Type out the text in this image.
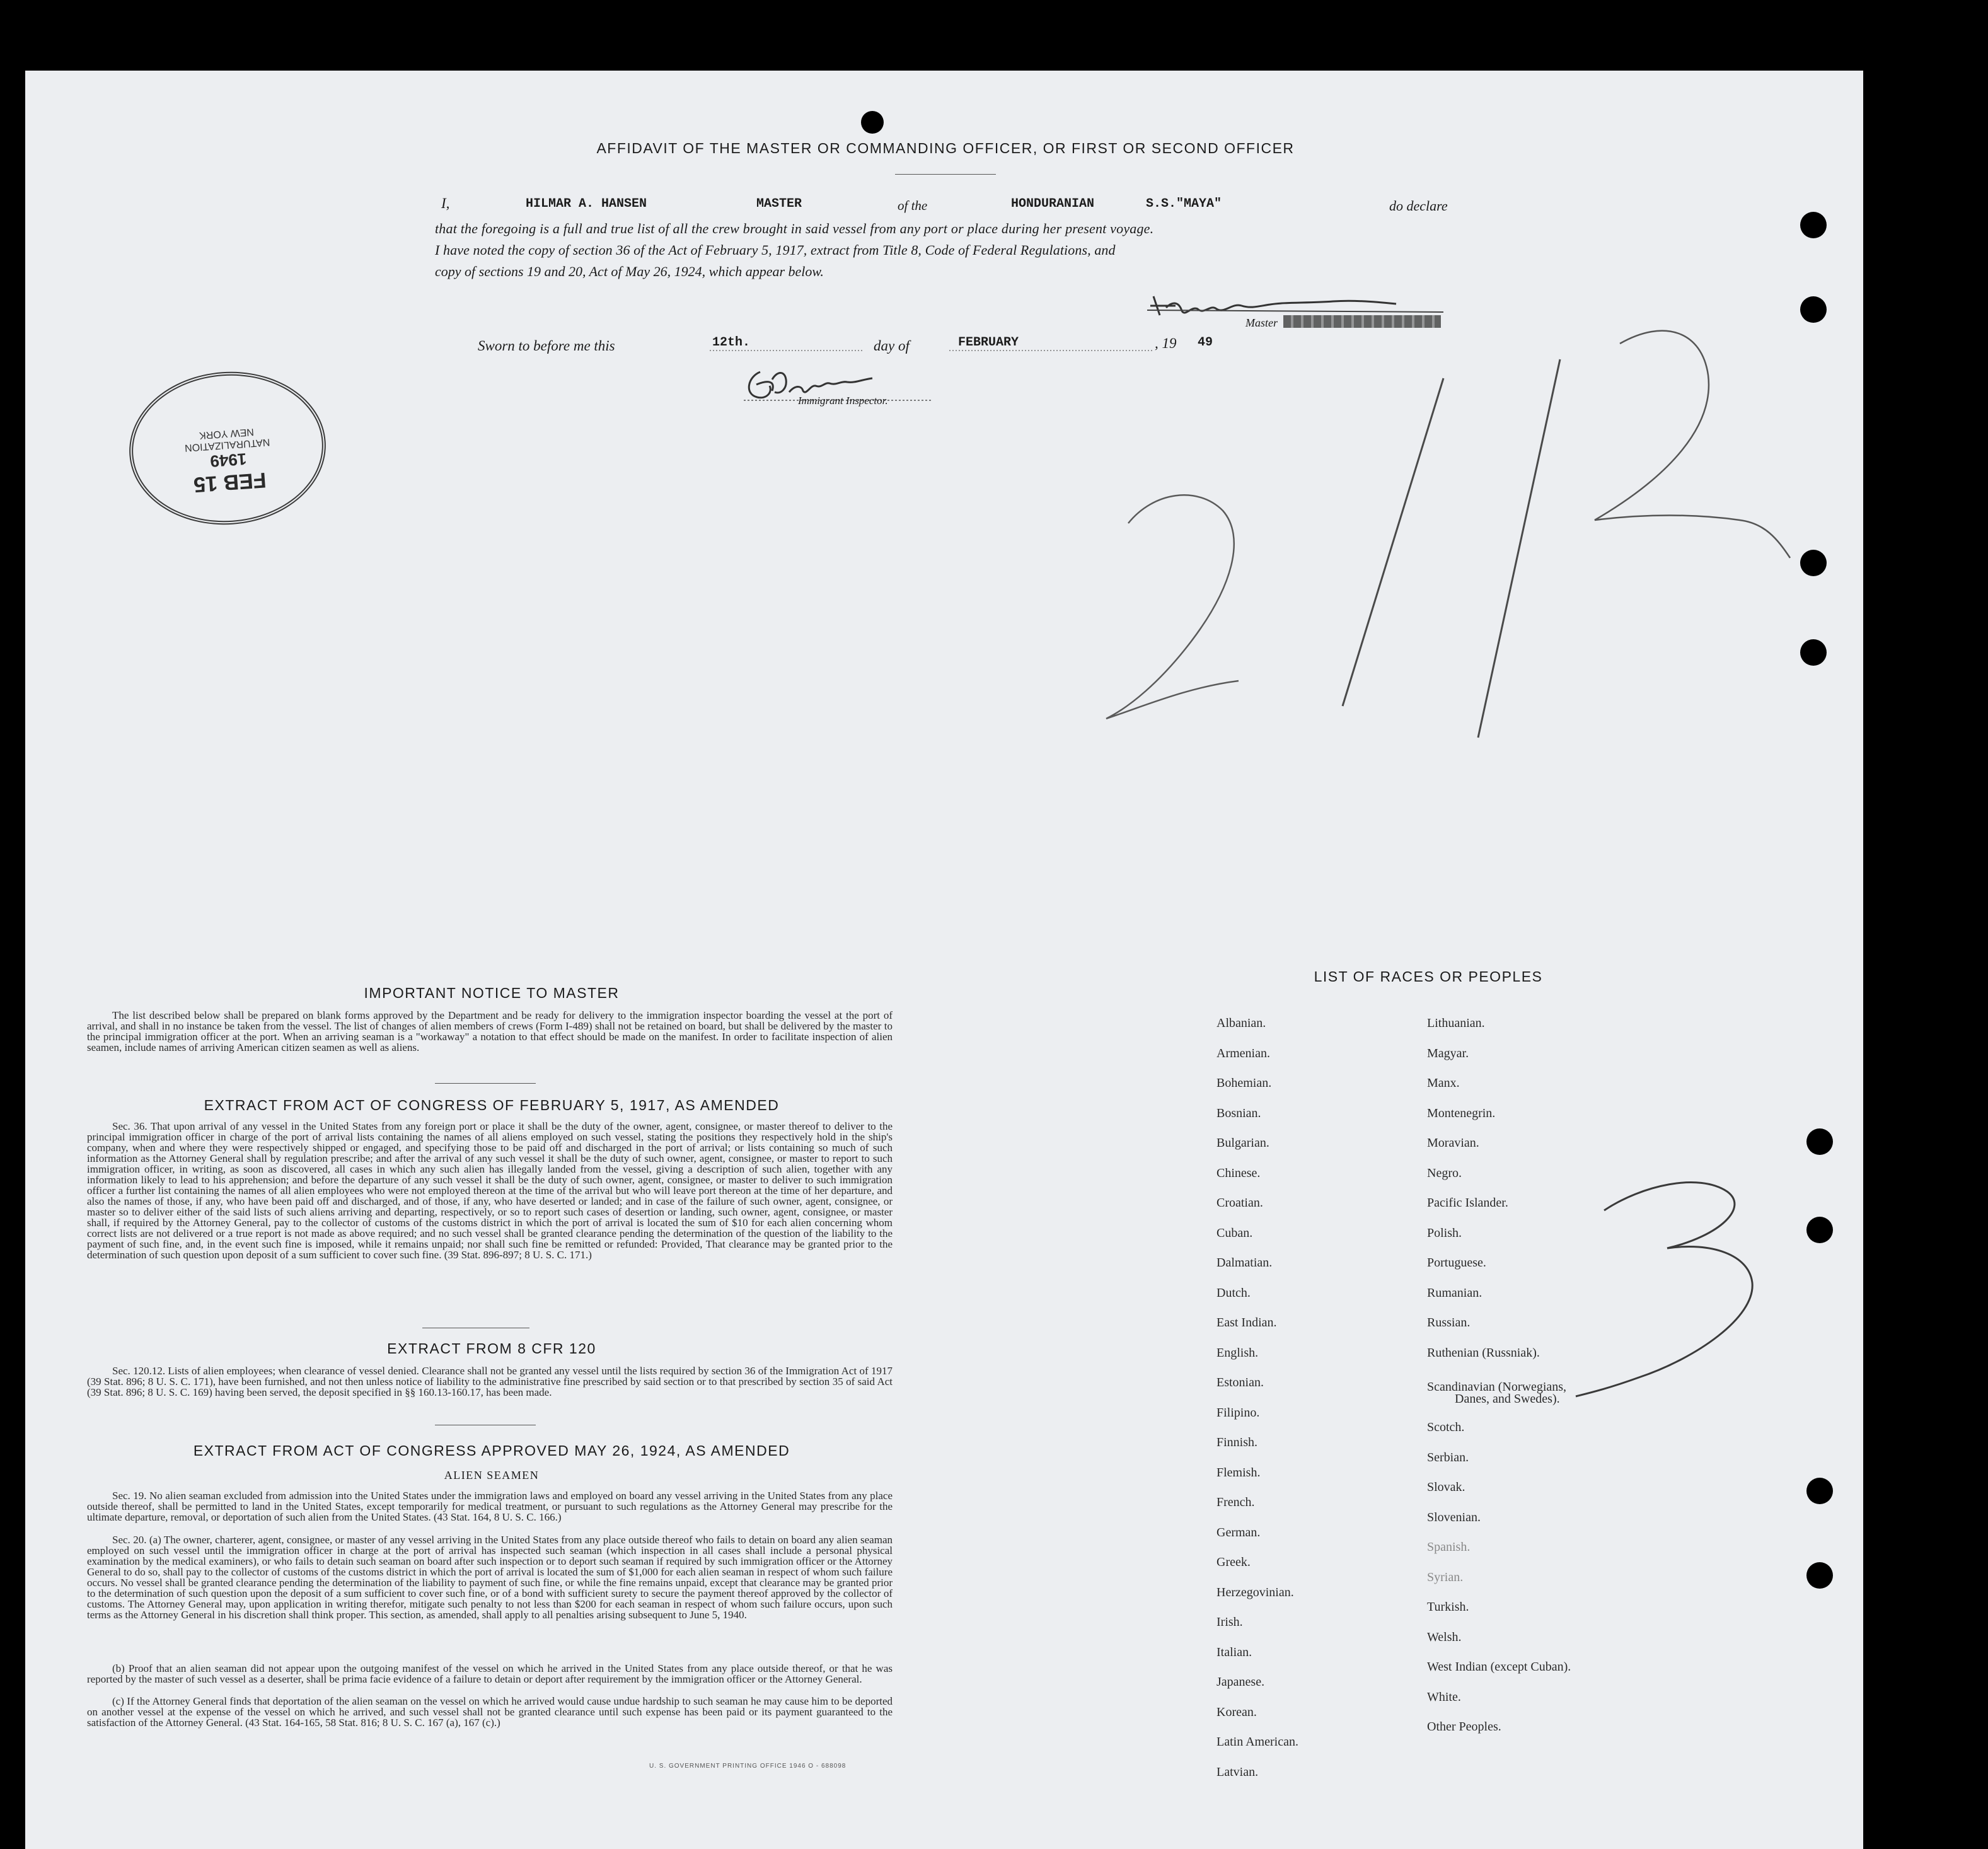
AFFIDAVIT OF THE MASTER OR COMMANDING OFFICER, OR FIRST OR SECOND OFFICER
I,	HILMAR A. HANSEN	MASTER	of the	HONDURANIAN	S.S."MAYA"	do declare
that the foregoing is a full and true list of all the crew brought in said vessel from any port or place during her present voyage.
I have noted the copy of section 36 of the Act of February 5, 1917, extract from Title 8, Code of Federal Regulations, and
copy of sections 19 and 20, Act of May 26, 1924, which appear below.
Master
Sworn to before me this	12th.	day of	FEBRUARY	, 19 49
Immigrant Inspector.
FEB 15
1949
NATURALIZATION
NEW YORK
IMPORTANT NOTICE TO MASTER
The list described below shall be prepared on blank forms approved by the Department and be ready for delivery to the immigration inspector boarding the vessel at the port of arrival, and shall in no instance be taken from the vessel. The list of changes of alien members of crews (Form I-489) shall not be retained on board, but shall be delivered by the master to the principal immigration officer at the port. When an arriving seaman is a "workaway" a notation to that effect should be made on the manifest. In order to facilitate inspection of alien seamen, include names of arriving American citizen seamen as well as aliens.
EXTRACT FROM ACT OF CONGRESS OF FEBRUARY 5, 1917, AS AMENDED
Sec. 36. That upon arrival of any vessel in the United States from any foreign port or place it shall be the duty of the owner, agent, consignee, or master thereof to deliver to the principal immigration officer in charge of the port of arrival lists containing the names of all aliens employed on such vessel, stating the positions they respectively hold in the ship's company, when and where they were respectively shipped or engaged, and specifying those to be paid off and discharged in the port of arrival; or lists containing so much of such information as the Attorney General shall by regulation prescribe; and after the arrival of any such vessel it shall be the duty of such owner, agent, consignee, or master to report to such immigration officer, in writing, as soon as discovered, all cases in which any such alien has illegally landed from the vessel, giving a description of such alien, together with any information likely to lead to his apprehension; and before the departure of any such vessel it shall be the duty of such owner, agent, consignee, or master to deliver to such immigration officer a further list containing the names of all alien employees who were not employed thereon at the time of the arrival but who will leave port thereon at the time of her departure, and also the names of those, if any, who have been paid off and discharged, and of those, if any, who have deserted or landed; and in case of the failure of such owner, agent, consignee, or master so to deliver either of the said lists of such aliens arriving and departing, respectively, or so to report such cases of desertion or landing, such owner, agent, consignee, or master shall, if required by the Attorney General, pay to the collector of customs of the customs district in which the port of arrival is located the sum of $10 for each alien concerning whom correct lists are not delivered or a true report is not made as above required; and no such vessel shall be granted clearance pending the determination of the question of the liability to the payment of such fine, and, in the event such fine is imposed, while it remains unpaid; nor shall such fine be remitted or refunded: Provided, That clearance may be granted prior to the determination of such question upon deposit of a sum sufficient to cover such fine. (39 Stat. 896-897; 8 U. S. C. 171.)
EXTRACT FROM 8 CFR 120
Sec. 120.12. Lists of alien employees; when clearance of vessel denied. Clearance shall not be granted any vessel until the lists required by section 36 of the Immigration Act of 1917 (39 Stat. 896; 8 U. S. C. 171), have been furnished, and not then unless notice of liability to the administrative fine prescribed by said section or to that prescribed by section 35 of said Act (39 Stat. 896; 8 U. S. C. 169) having been served, the deposit specified in §§ 160.13-160.17, has been made.
EXTRACT FROM ACT OF CONGRESS APPROVED MAY 26, 1924, AS AMENDED
ALIEN SEAMEN
Sec. 19. No alien seaman excluded from admission into the United States under the immigration laws and employed on board any vessel arriving in the United States from any place outside thereof, shall be permitted to land in the United States, except temporarily for medical treatment, or pursuant to such regulations as the Attorney General may prescribe for the ultimate departure, removal, or deportation of such alien from the United States. (43 Stat. 164, 8 U. S. C. 166.)
Sec. 20. (a) The owner, charterer, agent, consignee, or master of any vessel arriving in the United States from any place outside thereof who fails to detain on board any alien seaman employed on such vessel until the immigration officer in charge at the port of arrival has inspected such seaman (which inspection in all cases shall include a personal physical examination by the medical examiners), or who fails to detain such seaman on board after such inspection or to deport such seaman if required by such immigration officer or the Attorney General to do so, shall pay to the collector of customs of the customs district in which the port of arrival is located the sum of $1,000 for each alien seaman in respect of whom such failure occurs. No vessel shall be granted clearance pending the determination of the liability to payment of such fine, or while the fine remains unpaid, except that clearance may be granted prior to the determination of such question upon the deposit of a sum sufficient to cover such fine, or of a bond with sufficient surety to secure the payment thereof approved by the collector of customs. The Attorney General may, upon application in writing therefor, mitigate such penalty to not less than $200 for each seaman in respect of whom such failure occurs, upon such terms as the Attorney General in his discretion shall think proper. This section, as amended, shall apply to all penalties arising subsequent to June 5, 1940.
(b) Proof that an alien seaman did not appear upon the outgoing manifest of the vessel on which he arrived in the United States from any place outside thereof, or that he was reported by the master of such vessel as a deserter, shall be prima facie evidence of a failure to detain or deport after requirement by the immigration officer or the Attorney General.
(c) If the Attorney General finds that deportation of the alien seaman on the vessel on which he arrived would cause undue hardship to such seaman he may cause him to be deported on another vessel at the expense of the vessel on which he arrived, and such vessel shall not be granted clearance until such expense has been paid or its payment guaranteed to the satisfaction of the Attorney General. (43 Stat. 164-165, 58 Stat. 816; 8 U. S. C. 167 (a), 167 (c).)
U. S. GOVERNMENT PRINTING OFFICE 1946 O - 688098
LIST OF RACES OR PEOPLES
Albanian.
Armenian.
Bohemian.
Bosnian.
Bulgarian.
Chinese.
Croatian.
Cuban.
Dalmatian.
Dutch.
East Indian.
English.
Estonian.
Filipino.
Finnish.
Flemish.
French.
German.
Greek.
Herzegovinian.
Irish.
Italian.
Japanese.
Korean.
Latin American.
Latvian.
Lithuanian.
Magyar.
Manx.
Montenegrin.
Moravian.
Negro.
Pacific Islander.
Polish.
Portuguese.
Rumanian.
Russian.
Ruthenian (Russniak).
Scandinavian (Norwegians,
Danes, and Swedes).
Scotch.
Serbian.
Slovak.
Slovenian.
Spanish.
Syrian.
Turkish.
Welsh.
West Indian (except Cuban).
White.
Other Peoples.
